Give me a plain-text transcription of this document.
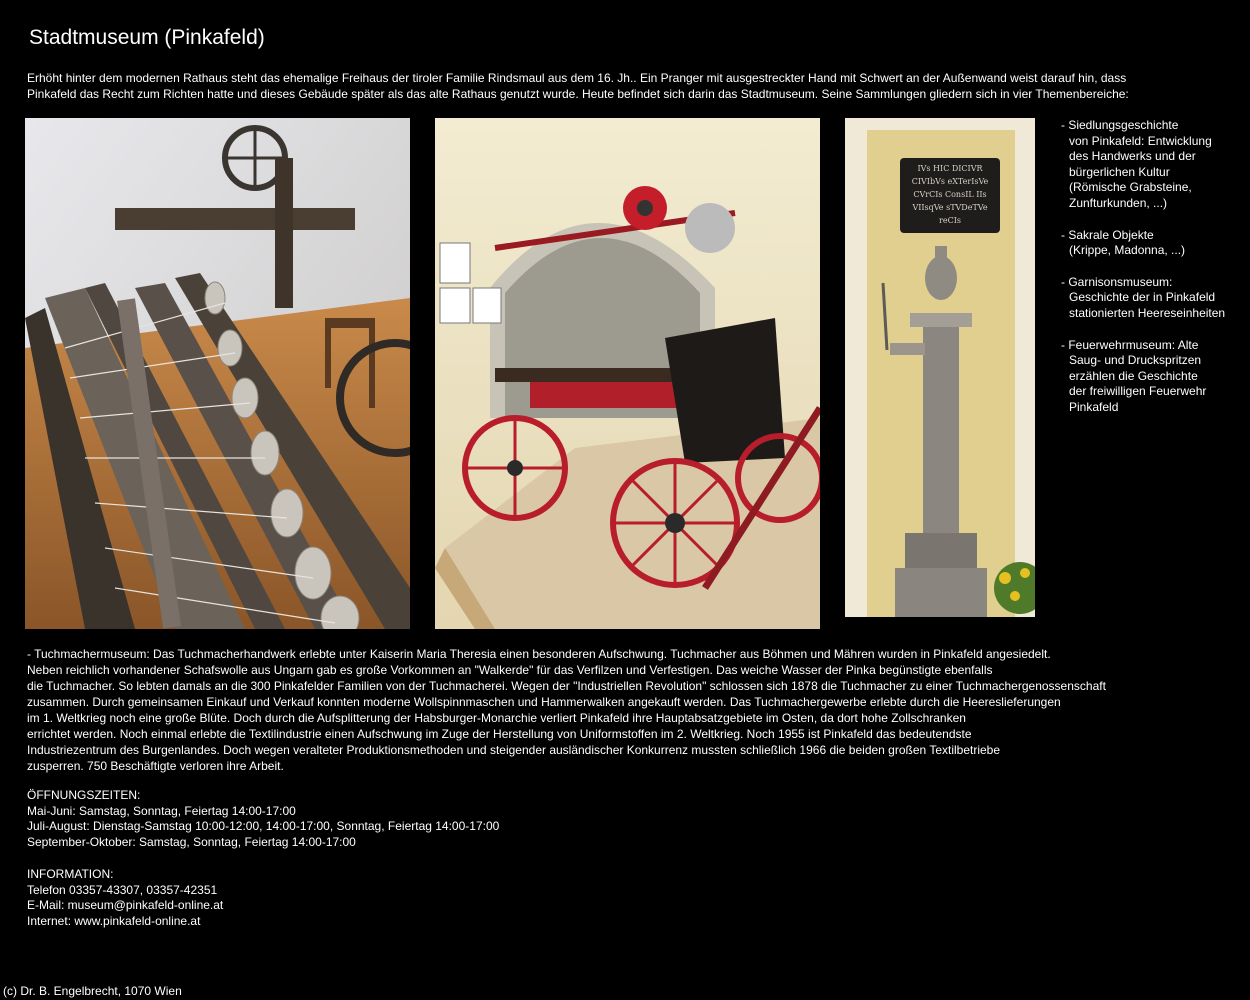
Stadtmuseum (Pinkafeld)
Erhöht hinter dem modernen Rathaus steht das ehemalige Freihaus der tiroler Familie Rindsmaul aus dem 16. Jh.. Ein Pranger mit ausgestreckter Hand mit Schwert an der Außenwand weist darauf hin, dass
Pinkafeld das Recht zum Richten hatte und dieses Gebäude später als das alte Rathaus genutzt wurde. Heute befindet sich darin das Stadtmuseum. Seine Sammlungen gliedern sich in vier Themenbereiche:
IVs HIC DICIVR
CIVIbVs eXTerIsVe
CVrCIs ConsIL IIs
VIIsqVe sTVDeTVe
reCIs
- Siedlungsgeschichte
von Pinkafeld: Entwicklung
des Handwerks und der
bürgerlichen Kultur
(Römische Grabsteine,
Zunfturkunden, ...)
- Sakrale Objekte
(Krippe, Madonna, ...)
- Garnisonsmuseum:
Geschichte der in Pinkafeld
stationierten Heereseinheiten
- Feuerwehrmuseum: Alte
Saug- und Druckspritzen
erzählen die Geschichte
der freiwilligen Feuerwehr
Pinkafeld
- Tuchmachermuseum: Das Tuchmacherhandwerk erlebte unter Kaiserin Maria Theresia einen besonderen Aufschwung. Tuchmacher aus Böhmen und Mähren wurden in Pinkafeld angesiedelt.
Neben reichlich vorhandener Schafswolle aus Ungarn gab es große Vorkommen an "Walkerde" für das Verfilzen und Verfestigen. Das weiche Wasser der Pinka begünstigte ebenfalls
die Tuchmacher. So lebten damals an die 300 Pinkafelder Familien von der Tuchmacherei. Wegen der "Industriellen Revolution" schlossen sich 1878 die Tuchmacher zu einer Tuchmachergenossenschaft
zusammen. Durch gemeinsamen Einkauf und Verkauf konnten moderne Wollspinnmaschen und Hammerwalken angekauft werden. Das Tuchmachergewerbe erlebte durch die Heereslieferungen
im 1. Weltkrieg noch eine große Blüte. Doch durch die Aufsplitterung der Habsburger-Monarchie verliert Pinkafeld ihre Hauptabsatzgebiete im Osten, da dort hohe Zollschranken
errichtet werden. Noch einmal erlebte die Textilindustrie einen Aufschwung im Zuge der Herstellung von Uniformstoffen im 2. Weltkrieg. Noch 1955 ist Pinkafeld das bedeutendste
Industriezentrum des Burgenlandes. Doch wegen veralteter Produktionsmethoden und steigender ausländischer Konkurrenz mussten schließlich 1966 die beiden großen Textilbetriebe
zusperren. 750 Beschäftigte verloren ihre Arbeit.
ÖFFNUNGSZEITEN:
Mai-Juni: Samstag, Sonntag, Feiertag 14:00-17:00
Juli-August: Dienstag-Samstag 10:00-12:00, 14:00-17:00, Sonntag, Feiertag 14:00-17:00
September-Oktober: Samstag, Sonntag, Feiertag 14:00-17:00
INFORMATION:
Telefon 03357-43307, 03357-42351
E-Mail: museum@pinkafeld-online.at
Internet: www.pinkafeld-online.at
(c) Dr. B. Engelbrecht, 1070 Wien
